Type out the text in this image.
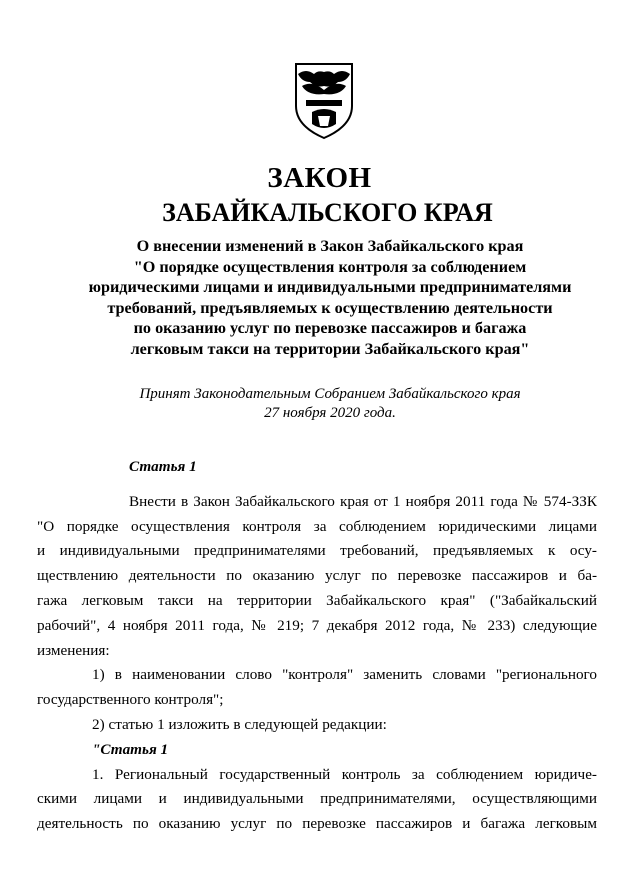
ЗАКОН
ЗАБАЙКАЛЬСКОГО КРАЯ
О внесении изменений в Закон Забайкальского края
"О порядке осуществления контроля за соблюдением
юридическими лицами и индивидуальными предпринимателями
требований, предъявляемых к осуществлению деятельности
по оказанию услуг по перевозке пассажиров и багажа
легковым такси на территории Забайкальского края"
Принят Законодательным Собранием Забайкальского края
27 ноября 2020 года.

Статья 1

Внести в Закон Забайкальского края от 1 ноября 2011 года № 574-ЗЗК
"О порядке осуществления контроля за соблюдением юридическими лицами
и индивидуальными предпринимателями требований, предъявляемых к осу-
ществлению деятельности по оказанию услуг по перевозке пассажиров и ба-
гажа легковым такси на территории Забайкальского края" ("Забайкальский
рабочий", 4 ноября 2011 года, № 219; 7 декабря 2012 года, № 233) следующие
изменения:
1) в наименовании слово "контроля" заменить словами "регионального
государственного контроля";
2) статью 1 изложить в следующей редакции:
"Статья 1
1. Региональный государственный контроль за соблюдением юридиче-
скими лицами и индивидуальными предпринимателями, осуществляющими
деятельность по оказанию услуг по перевозке пассажиров и багажа легковым
